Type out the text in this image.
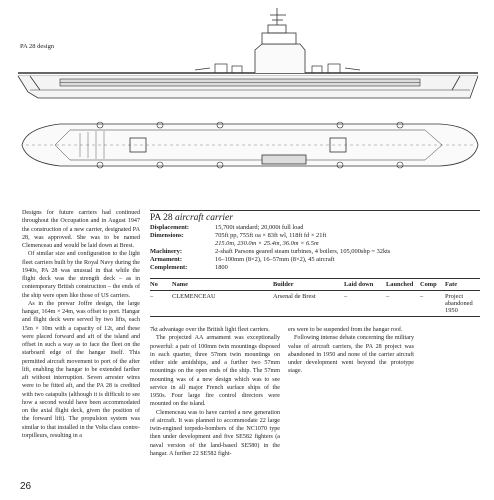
PA 28 design

Designs for future carriers had continued throughout the Occupation and in August 1947 the construction of a new carrier, designated PA 28, was approved. She was to be named Clemenceau and would be laid down at Brest.

Of similar size and configuration to the light fleet carriers built by the Royal Navy during the 1940s, PA 28 was unusual in that while the flight deck was the strength deck – as in contemporary British construction – the ends of the ship were open like those of US carriers.

As in the prewar Joffre design, the large hangar, 164m × 24m, was offset to port. Hangar and flight deck were served by two lifts, each 15m × 10m with a capacity of 12t, and these were placed forward and aft of the island and offset in such a way as to face the fleet on the starboard edge of the hangar itself. This permitted aircraft movement to port of the after lift, enabling the hangar to be extended farther aft without interruption. Seven arrester wires were to be fitted aft, and the PA 28 is credited with two catapults (although it is difficult to see how a second would have been accommodated on the axial flight deck, given the position of the forward lift). The propulsion system was similar to that installed in the Volta class contre-torpilleurs, resulting in a

PA 28 aircraft carrier
Displacement:	15,700t standard; 20,000t full load
Dimensions:	705ft pp, 755ft oa × 83ft wl, 118ft fd × 21ft
215.0m, 230.0m × 25.4m, 36.0m × 6.5m
Machinery:	2-shaft Parsons geared steam turbines, 4 boilers, 105,000shp = 32kts
Armament:	16–100mm (8×2), 16–57mm (8×2), 45 aircraft
Complement:	1800
No	Name	Builder	Laid down	Launched	Comp	Fate
–	CLEMENCEAU	Arsenal de Brest	–	–	–	Project abandoned 1950

7kt advantage over the British light fleet carriers.

The projected AA armament was exceptionally powerful: a pair of 100mm twin mountings disposed in each quarter, three 57mm twin mountings on either side amidships, and a further two 57mm mountings on the open ends of the ship. The 57mm mounting was of a new design which was to see service in all major French surface ships of the 1950s. Four large fire control directors were mounted on the island.

Clemenceau was to have carried a new generation of aircraft. It was planned to accommodate 22 large twin-engined torpedo-bombers of the NC1070 type then under development and five SE582 fighters (a naval version of the land-based SE580) in the hangar. A further 22 SE582 fight-

ers were to be suspended from the hangar roof.

Following intense debate concerning the military value of aircraft carriers, the PA 28 project was abandoned in 1950 and none of the carrier aircraft under development went beyond the prototype stage.

26
